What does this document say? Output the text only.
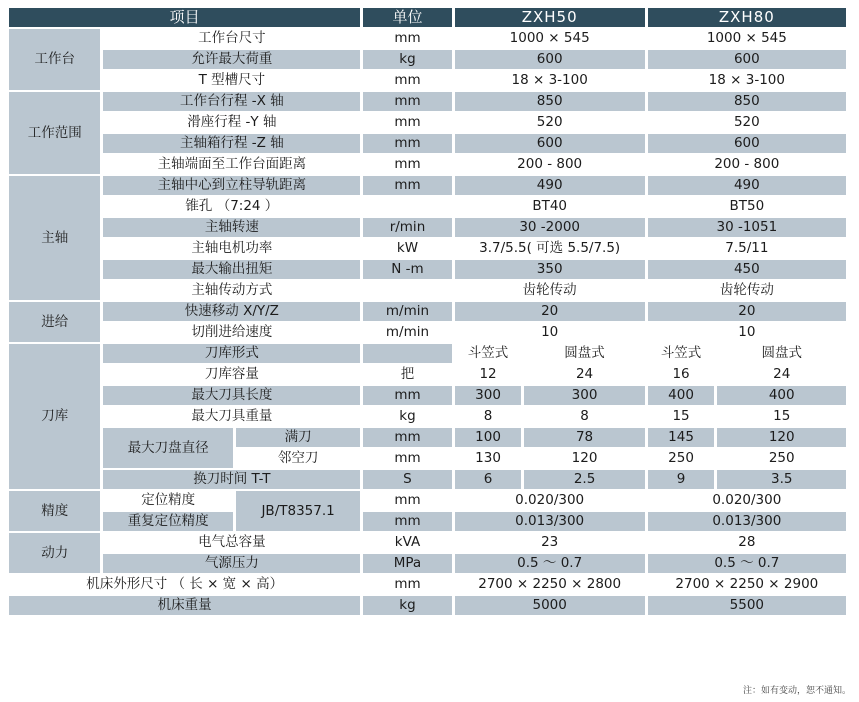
项目			单位	ZXH50		ZXH80	
工作台	工作台尺寸		mm	1000 × 545		1000 × 545	
	允许最大荷重		kg	600		600	
	T 型槽尺寸		mm	18 × 3-100		18 × 3-100	
工作范围	工作台行程 -X 轴		mm	850		850	
	滑座行程 -Y 轴		mm	520		520	
	主轴箱行程 -Z 轴		mm	600		600	
	主轴端面至工作台面距离		mm	200 - 800		200 - 800	
主轴	主轴中心到立柱导轨距离		mm	490		490	
	锥孔 （7:24 ）			BT40		BT50	
	主轴转速		r/min	30 -2000		30 -1051	
	主轴电机功率		kW	3.7/5.5( 可选 5.5/7.5)		7.5/11	
	最大输出扭矩		N -m	350		450	
	主轴传动方式			齿轮传动		齿轮传动	
进给	快速移动 X/Y/Z		m/min	20		20	
	切削进给速度		m/min	10		10	
刀库	刀库形式			斗笠式	圆盘式	斗笠式	圆盘式
	刀库容量		把	12	24	16	24
	最大刀具长度		mm	300	300	400	400
	最大刀具重量		kg	8	8	15	15
	最大刀盘直径	满刀	mm	100	78	145	120
		邻空刀	mm	130	120	250	250
	换刀时间 T-T		S	6	2.5	9	3.5
精度	定位精度	JB/T8357.1	mm	0.020/300		0.020/300	
	重复定位精度		mm	0.013/300		0.013/300	
动力	电气总容量		kVA	23		28	
	气源压力		MPa	0.5 ～ 0.7		0.5 ～ 0.7	
机床外形尺寸 （ 长 × 宽 × 高）			mm	2700 × 2250 × 2800		2700 × 2250 × 2900	
机床重量			kg	5000		5500	
注：如有变动，恕不通知。
